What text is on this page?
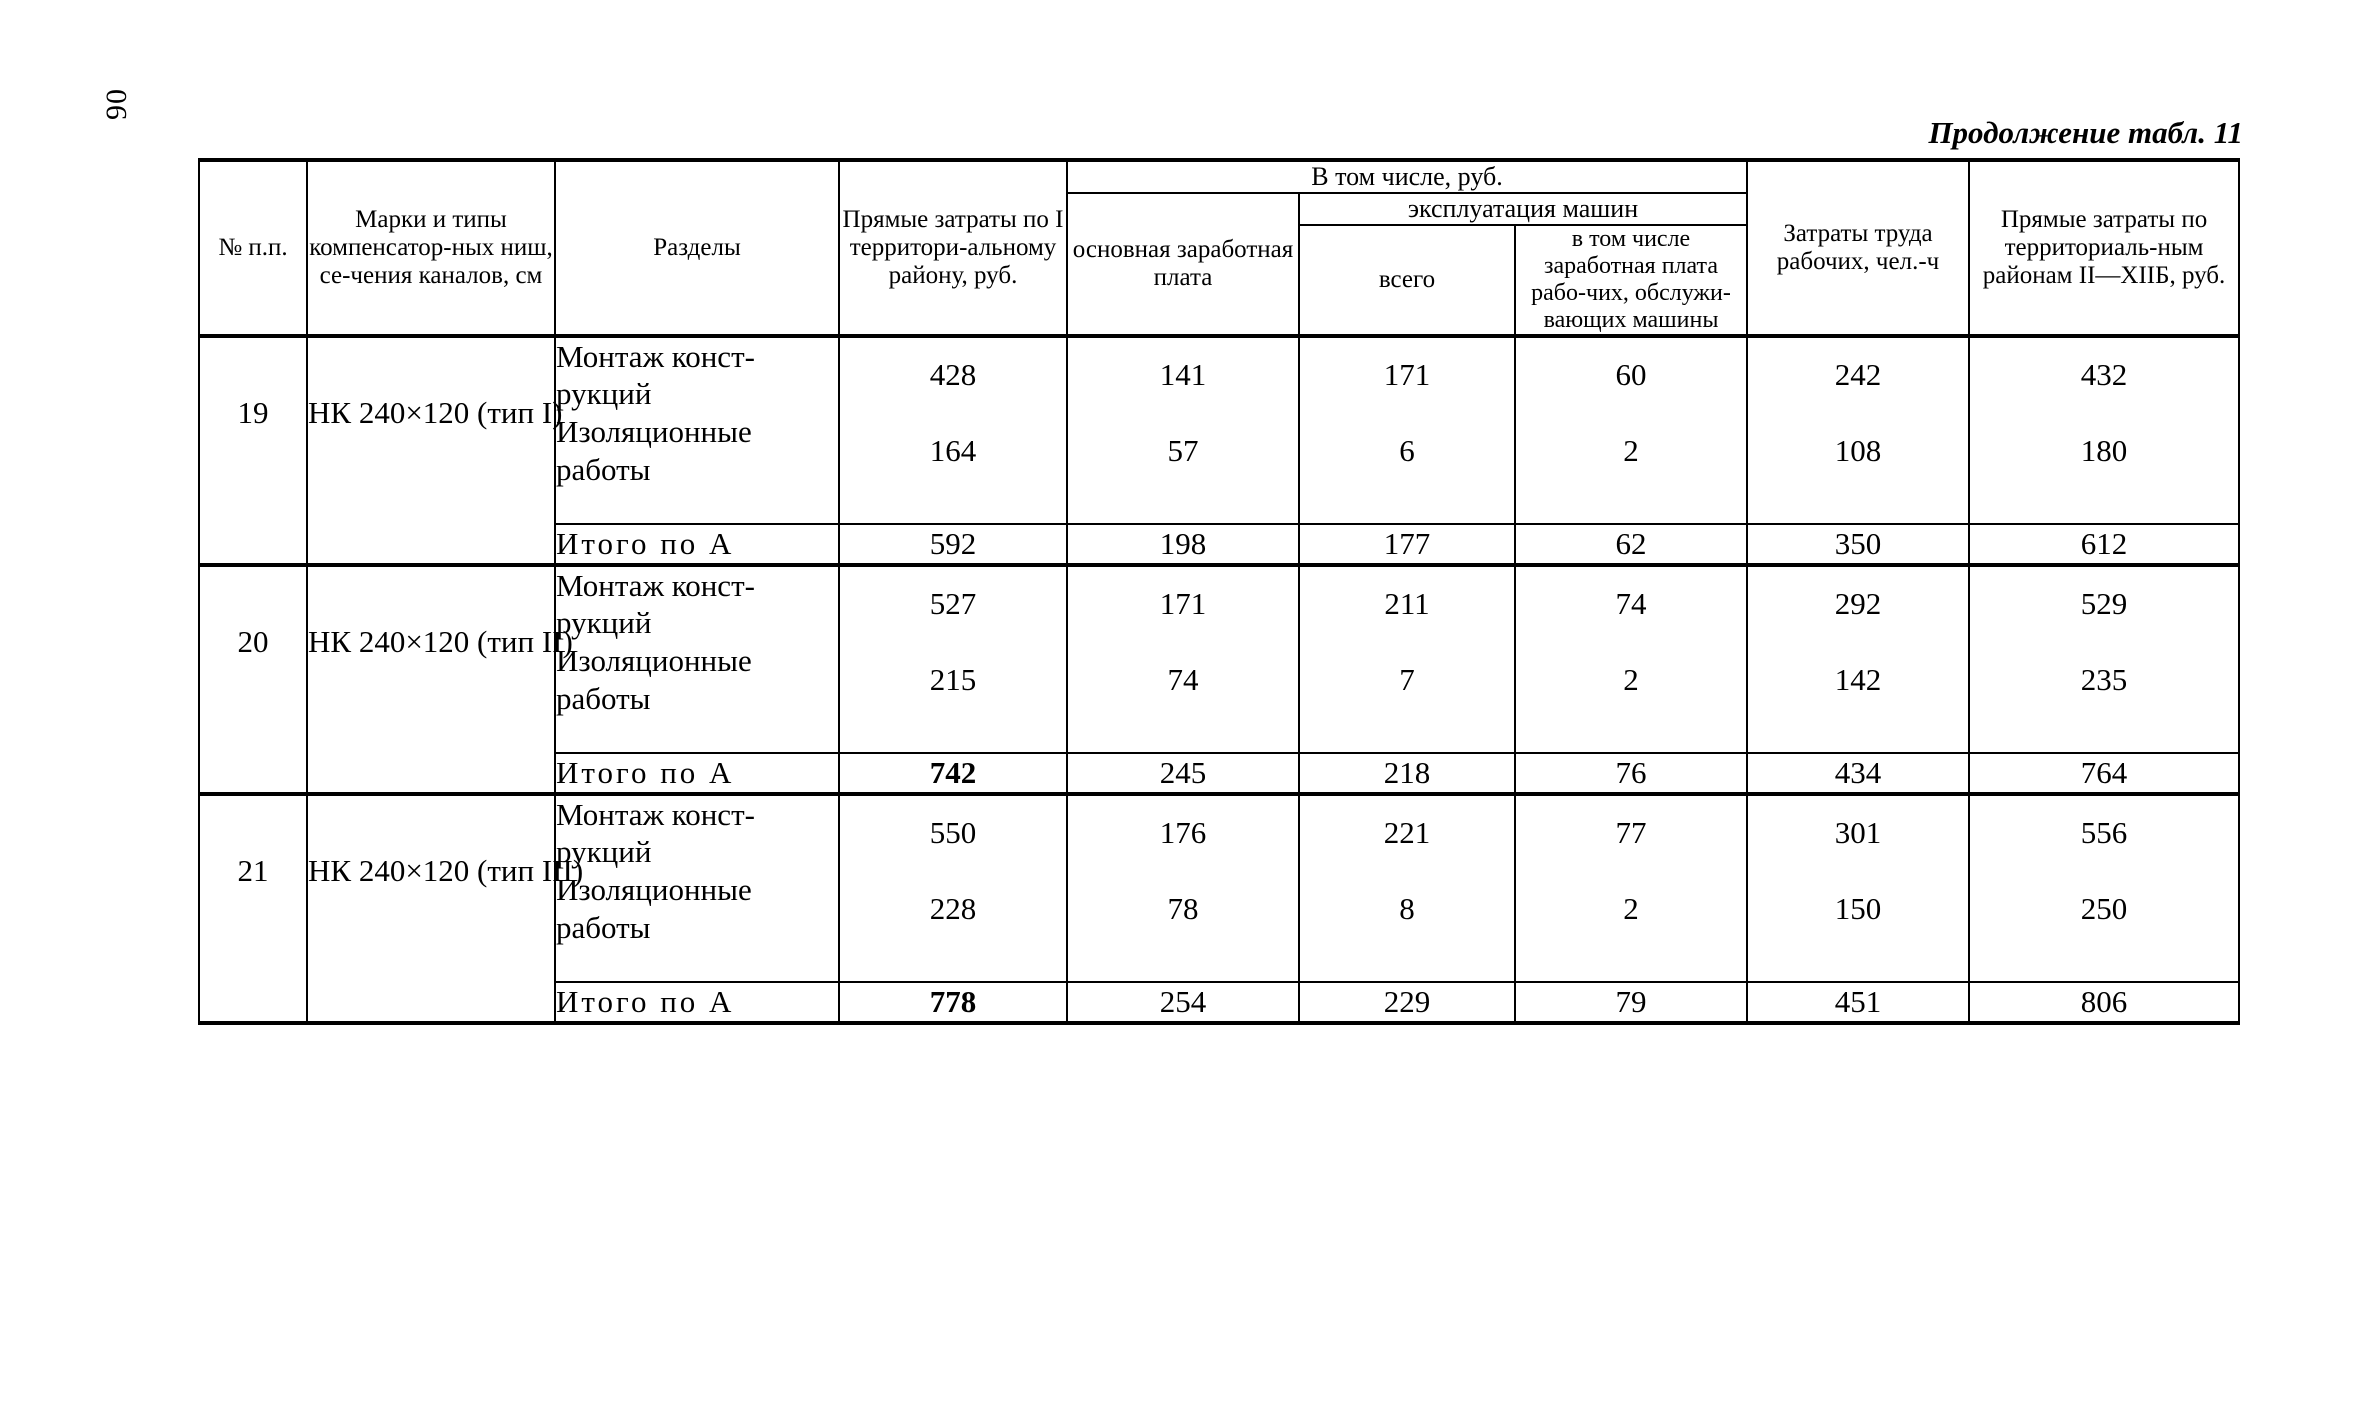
90
Продолжение табл. 11
№ п.п.	Марки и типы компенсатор-ных ниш, се-чения каналов, см	Разделы	Прямые затраты по I территори-альному району, руб.	В том числе, руб.			Затраты труда рабочих, чел.-ч	Прямые затраты по территориаль-ным районам II—XIIБ, руб.
				основная заработная плата	эксплуатация машин			
					всего	в том числе заработная плата рабо-чих, обслужи-вающих машины		

19	НК 240×120 (тип I)	Монтаж конст-рукций	428	141	171	60	242	432
		Изоляционные работы	164	57	6	2	108	180

		Итого по А	592	198	177	62	350	612
20	НК 240×120 (тип II)	Монтаж конст-рукций	527	171	211	74	292	529
		Изоляционные работы	215	74	7	2	142	235

		Итого по А	742	245	218	76	434	764
21	НК 240×120 (тип III)	Монтаж конст-рукций	550	176	221	77	301	556
		Изоляционные работы	228	78	8	2	150	250

		Итого по А	778	254	229	79	451	806
